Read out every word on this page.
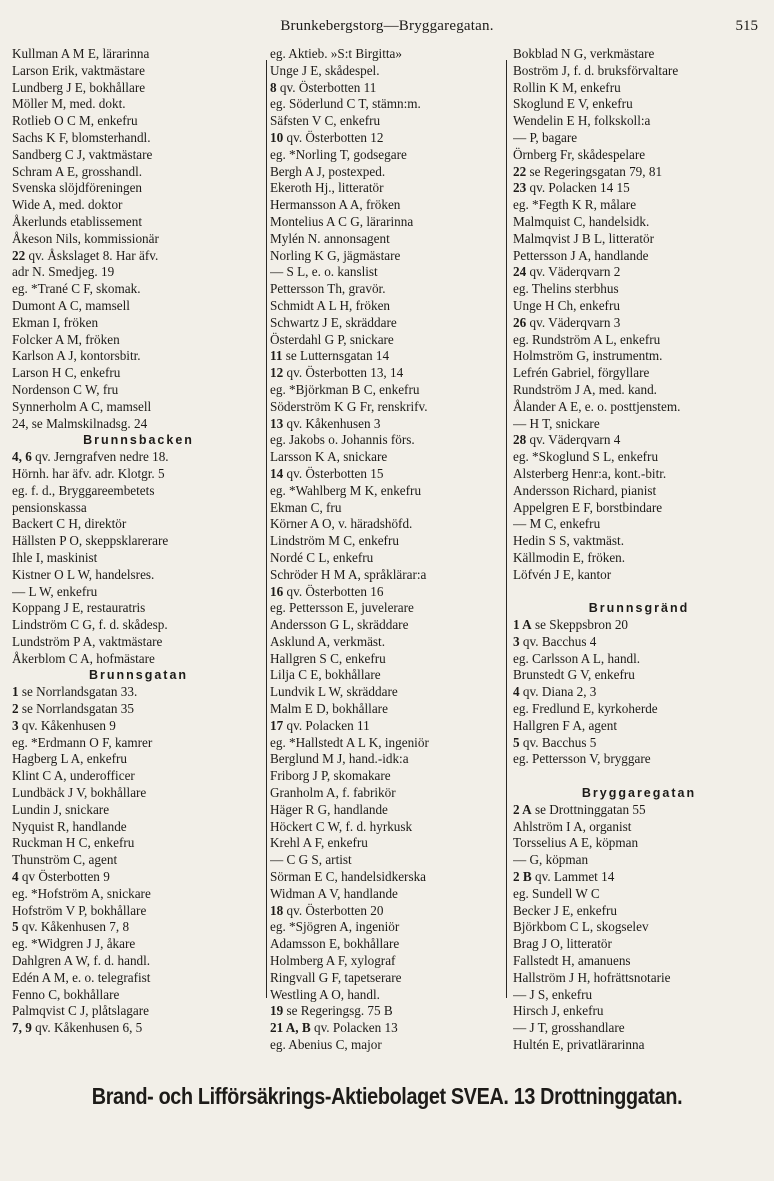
Brunkebergstorg—Bryggaregatan.	515
Kullman A M E, lärarinna
Larson Erik, vaktmästare
Lundberg J E, bokhållare
Möller M, med. dokt.
Rotlieb O C M, enkefru
Sachs K F, blomsterhandl.
Sandberg C J, vaktmästare
Schram A E, grosshandl.
Svenska slöjdföreningen
Wide A, med. doktor
Åkerlunds etablissement
Åkeson Nils, kommissionär
22 qv. Åskslaget 8. Har äfv.
adr N. Smedjeg. 19
eg. *Trané C F, skomak.
Dumont A C, mamsell
Ekman I, fröken
Folcker A M, fröken
Karlson A J, kontorsbitr.
Larson H C, enkefru
Nordenson C W, fru
Synnerholm A C, mamsell
24, se Malmskilnadsg. 24
Brunnsbacken
4, 6 qv. Jerngrafven nedre 18.
Hörnh. har äfv. adr. Klotgr. 5
eg. f. d., Bryggareembetets
pensionskassa
Backert C H, direktör
Hällsten P O, skeppsklarerare
Ihle I, maskinist
Kistner O L W, handelsres.
— L W, enkefru
Koppang J E, restauratris
Lindström C G, f. d. skådesp.
Lundström P A, vaktmästare
Åkerblom C A, hofmästare
Brunnsgatan
1 se Norrlandsgatan 33.
2 se Norrlandsgatan 35
3 qv. Kåkenhusen 9
eg. *Erdmann O F, kamrer
Hagberg L A, enkefru
Klint C A, underofficer
Lundbäck J V, bokhållare
Lundin J, snickare
Nyquist R, handlande
Ruckman H C, enkefru
Thunström C, agent
4 qv Österbotten 9
eg. *Hofström A, snickare
Hofström V P, bokhållare
5 qv. Kåkenhusen 7, 8
eg. *Widgren J J, åkare
Dahlgren A W, f. d. handl.
Edén A M, e. o. telegrafist
Fenno C, bokhållare
Palmqvist C J, plåtslagare
7, 9 qv. Kåkenhusen 6, 5
eg. Aktieb. »S:t Birgitta»
Unge J E, skådespel.
8 qv. Österbotten 11
eg. Söderlund C T, stämn:m.
Säfsten V C, enkefru
10 qv. Österbotten 12
eg. *Norling T, godsegare
Bergh A J, postexped.
Ekeroth Hj., litteratör
Hermansson A A, fröken
Montelius A C G, lärarinna
Mylén N. annonsagent
Norling K G, jägmästare
— S L, e. o. kanslist
Pettersson Th, gravör.
Schmidt A L H, fröken
Schwartz J E, skräddare
Österdahl G P, snickare
11 se Lutternsgatan 14
12 qv. Österbotten 13, 14
eg. *Björkman B C, enkefru
Söderström K G Fr, renskrifv.
13 qv. Kåkenhusen 3
eg. Jakobs o. Johannis förs.
Larsson K A, snickare
14 qv. Österbotten 15
eg. *Wahlberg M K, enkefru
Ekman C, fru
Körner A O, v. häradshöfd.
Lindström M C, enkefru
Nordé C L, enkefru
Schröder H M A, språklärar:a
16 qv. Österbotten 16
eg. Pettersson E, juvelerare
Andersson G L, skräddare
Asklund A, verkmäst.
Hallgren S C, enkefru
Lilja C E, bokhållare
Lundvik L W, skräddare
Malm E D, bokhållare
17 qv. Polacken 11
eg. *Hallstedt A L K, ingeniör
Berglund M J, hand.-idk:a
Friborg J P, skomakare
Granholm A, f. fabrikör
Häger R G, handlande
Höckert C W, f. d. hyrkusk
Krehl A F, enkefru
— C G S, artist
Sörman E C, handelsidkerska
Widman A V, handlande
18 qv. Österbotten 20
eg. *Sjögren A, ingeniör
Adamsson E, bokhållare
Holmberg A F, xylograf
Ringvall G F, tapetserare
Westling A O, handl.
19 se Regeringsg. 75 B
21 A, B qv. Polacken 13
eg. Abenius C, major
Bokblad N G, verkmästare
Boström J, f. d. bruksförvaltare
Rollin K M, enkefru
Skoglund E V, enkefru
Wendelin E H, folkskoll:a
— P, bagare
Örnberg Fr, skådespelare
22 se Regeringsgatan 79, 81
23 qv. Polacken 14 15
eg. *Fegth K R, målare
Malmquist C, handelsidk.
Malmqvist J B L, litteratör
Pettersson J A, handlande
24 qv. Väderqvarn 2
eg. Thelins sterbhus
Unge H Ch, enkefru
26 qv. Väderqvarn 3
eg. Rundström A L, enkefru
Holmström G, instrumentm.
Lefrén Gabriel, förgyllare
Rundström J A, med. kand.
Ålander A E, e. o. posttjenstem.
— H T, snickare
28 qv. Väderqvarn 4
eg. *Skoglund S L, enkefru
Alsterberg Henr:a, kont.-bitr.
Andersson Richard, pianist
Appelgren E F, borstbindare
— M C, enkefru
Hedin S S, vaktmäst.
Källmodin E, fröken.
Löfvén J E, kantor

Brunnsgränd
1 A se Skeppsbron 20
3 qv. Bacchus 4
eg. Carlsson A L, handl.
Brunstedt G V, enkefru
4 qv. Diana 2, 3
eg. Fredlund E, kyrkoherde
Hallgren F A, agent
5 qv. Bacchus 5
eg. Pettersson V, bryggare

Bryggaregatan
2 A se Drottninggatan 55
Ahlström I A, organist
Torsselius A E, köpman
— G, köpman
2 B qv. Lammet 14
eg. Sundell W C
Becker J E, enkefru
Björkbom C L, skogselev
Brag J O, litteratör
Fallstedt H, amanuens
Hallström J H, hofrättsnotarie
— J S, enkefru
Hirsch J, enkefru
— J T, grosshandlare
Hultén E, privatlärarinna
Brand- och Lifförsäkrings-Aktiebolaget SVEA. 13 Drottninggatan.
